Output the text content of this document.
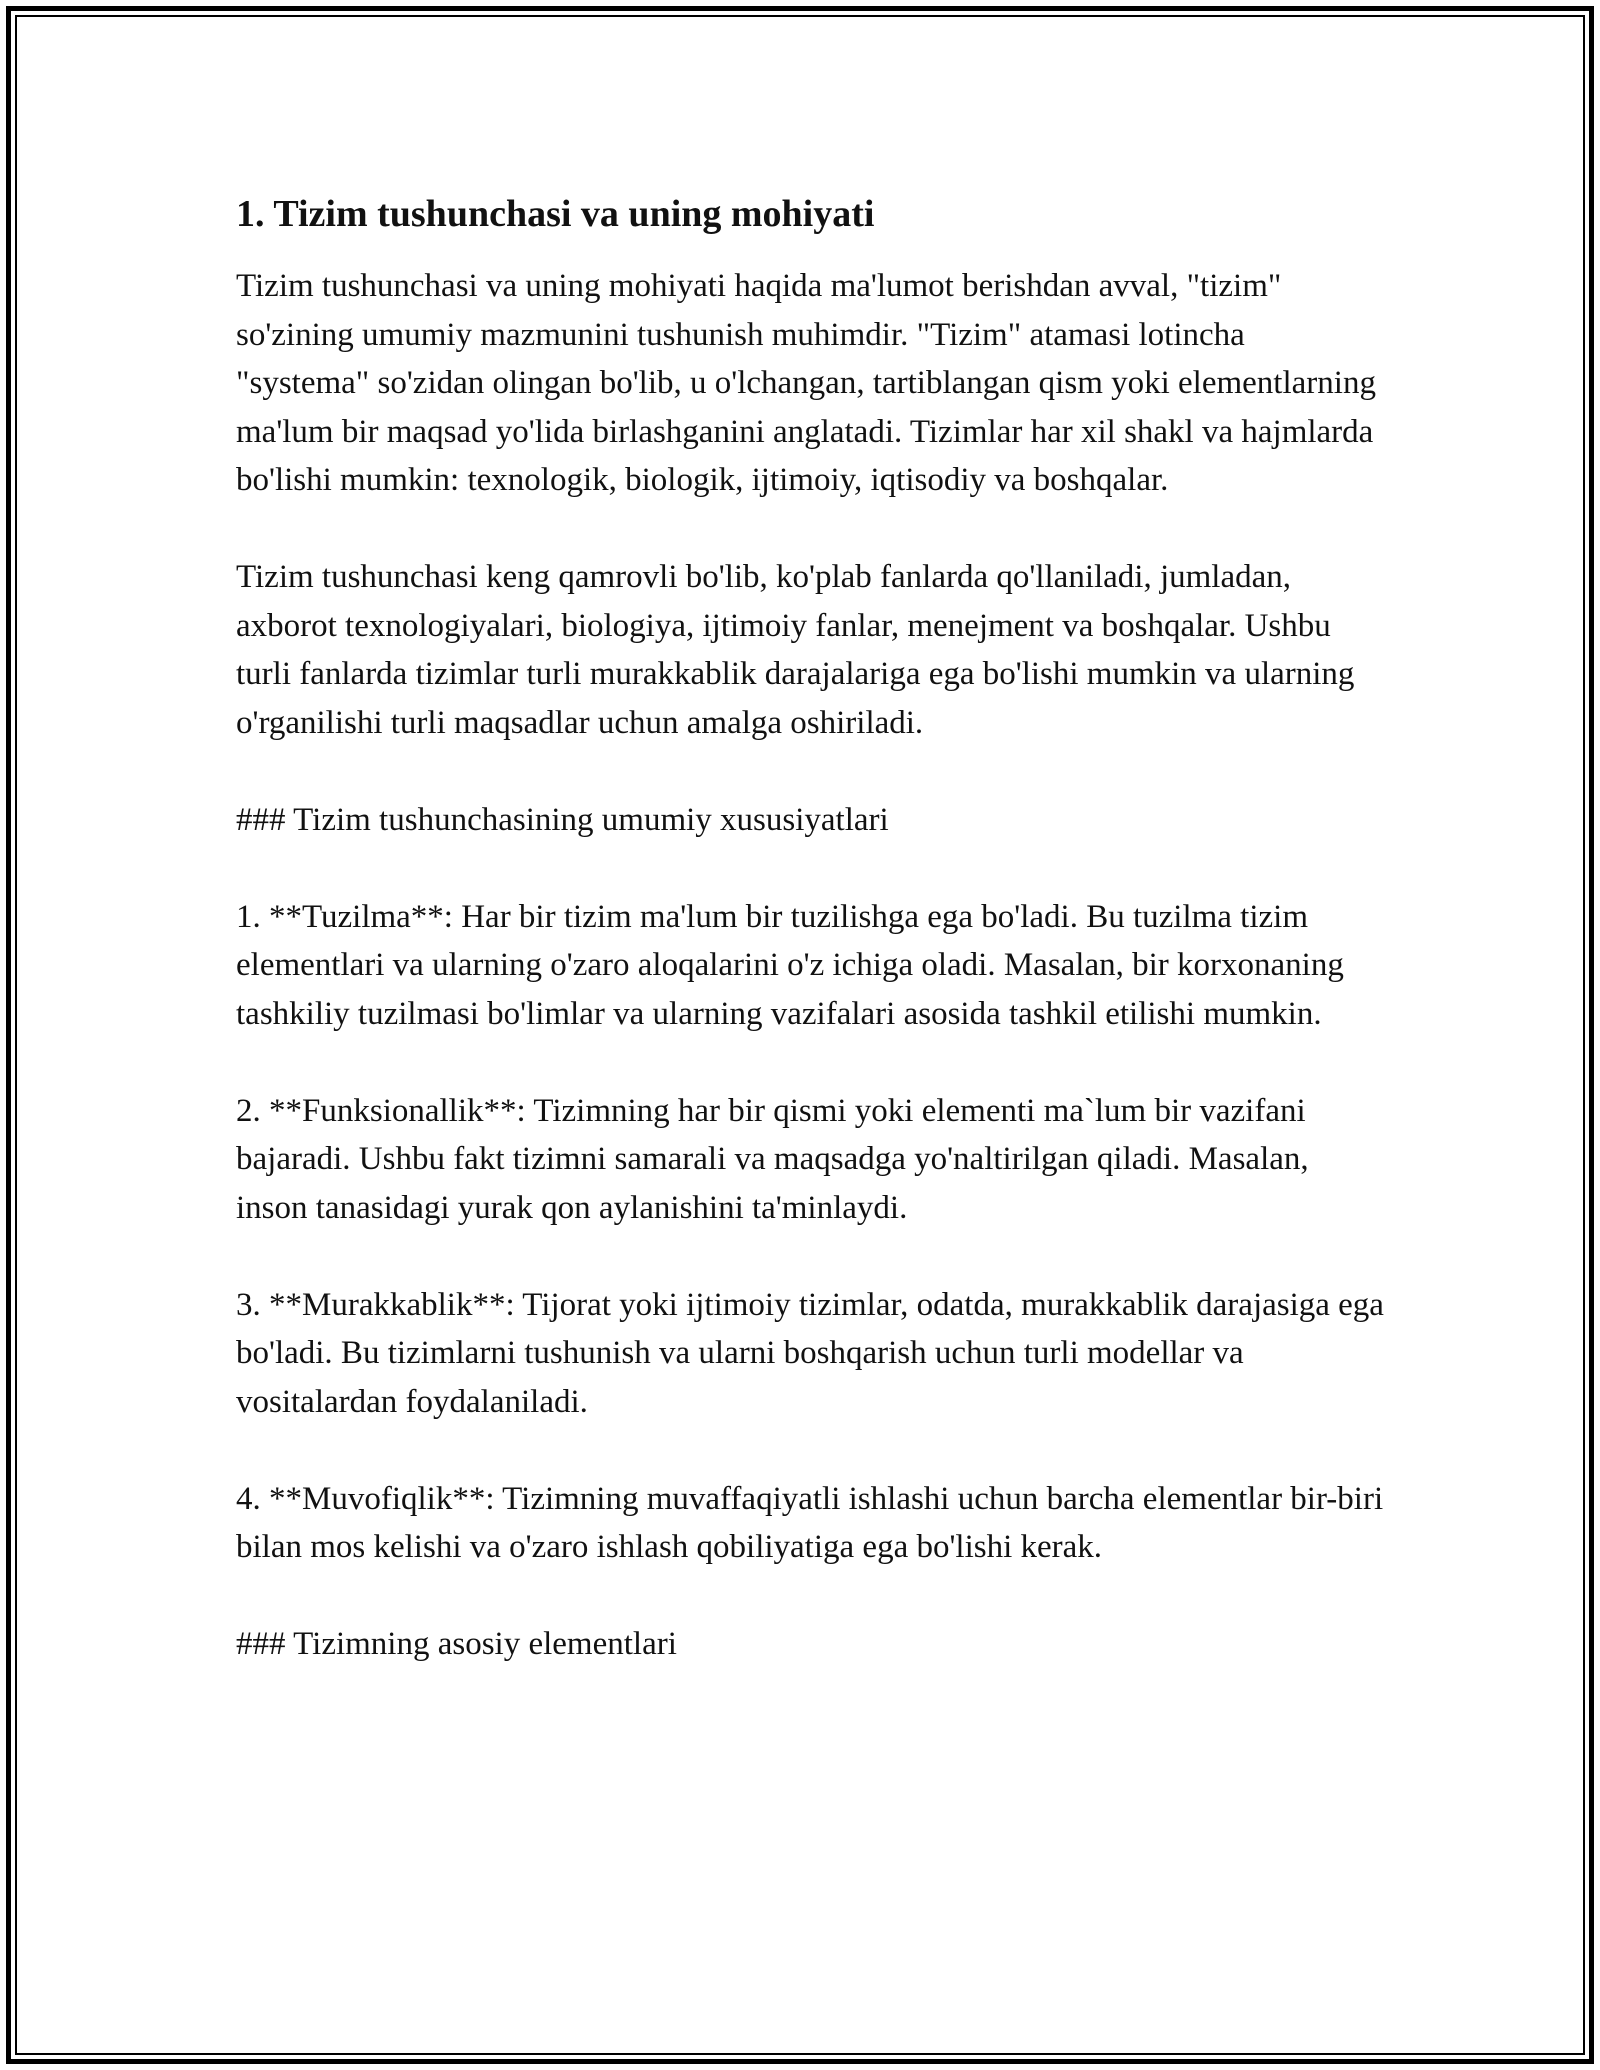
1. Tizim tushunchasi va uning mohiyati

Tizim tushunchasi va uning mohiyati haqida ma'lumot berishdan avval, "tizim" so'zining umumiy mazmunini tushunish muhimdir. "Tizim" atamasi lotincha "systema" so'zidan olingan bo'lib, u o'lchangan, tartiblangan qism yoki elementlarning ma'lum bir maqsad yo'lida birlashganini anglatadi. Tizimlar har xil shakl va hajmlarda bo'lishi mumkin: texnologik, biologik, ijtimoiy, iqtisodiy va boshqalar.

Tizim tushunchasi keng qamrovli bo'lib, ko'plab fanlarda qo'llaniladi, jumladan, axborot texnologiyalari, biologiya, ijtimoiy fanlar, menejment va boshqalar. Ushbu turli fanlarda tizimlar turli murakkablik darajalariga ega bo'lishi mumkin va ularning o'rganilishi turli maqsadlar uchun amalga oshiriladi.

### Tizim tushunchasining umumiy xususiyatlari

1. **Tuzilma**: Har bir tizim ma'lum bir tuzilishga ega bo'ladi. Bu tuzilma tizim elementlari va ularning o'zaro aloqalarini o'z ichiga oladi. Masalan, bir korxonaning tashkiliy tuzilmasi bo'limlar va ularning vazifalari asosida tashkil etilishi mumkin.

2. **Funksionallik**: Tizimning har bir qismi yoki elementi ma`lum bir vazifani bajaradi. Ushbu fakt tizimni samarali va maqsadga yo'naltirilgan qiladi. Masalan, inson tanasidagi yurak qon aylanishini ta'minlaydi.

3. **Murakkablik**: Tijorat yoki ijtimoiy tizimlar, odatda, murakkablik darajasiga ega bo'ladi. Bu tizimlarni tushunish va ularni boshqarish uchun turli modellar va vositalardan foydalaniladi.

4. **Muvofiqlik**: Tizimning muvaffaqiyatli ishlashi uchun barcha elementlar bir-biri bilan mos kelishi va o'zaro ishlash qobiliyatiga ega bo'lishi kerak.

### Tizimning asosiy elementlari
